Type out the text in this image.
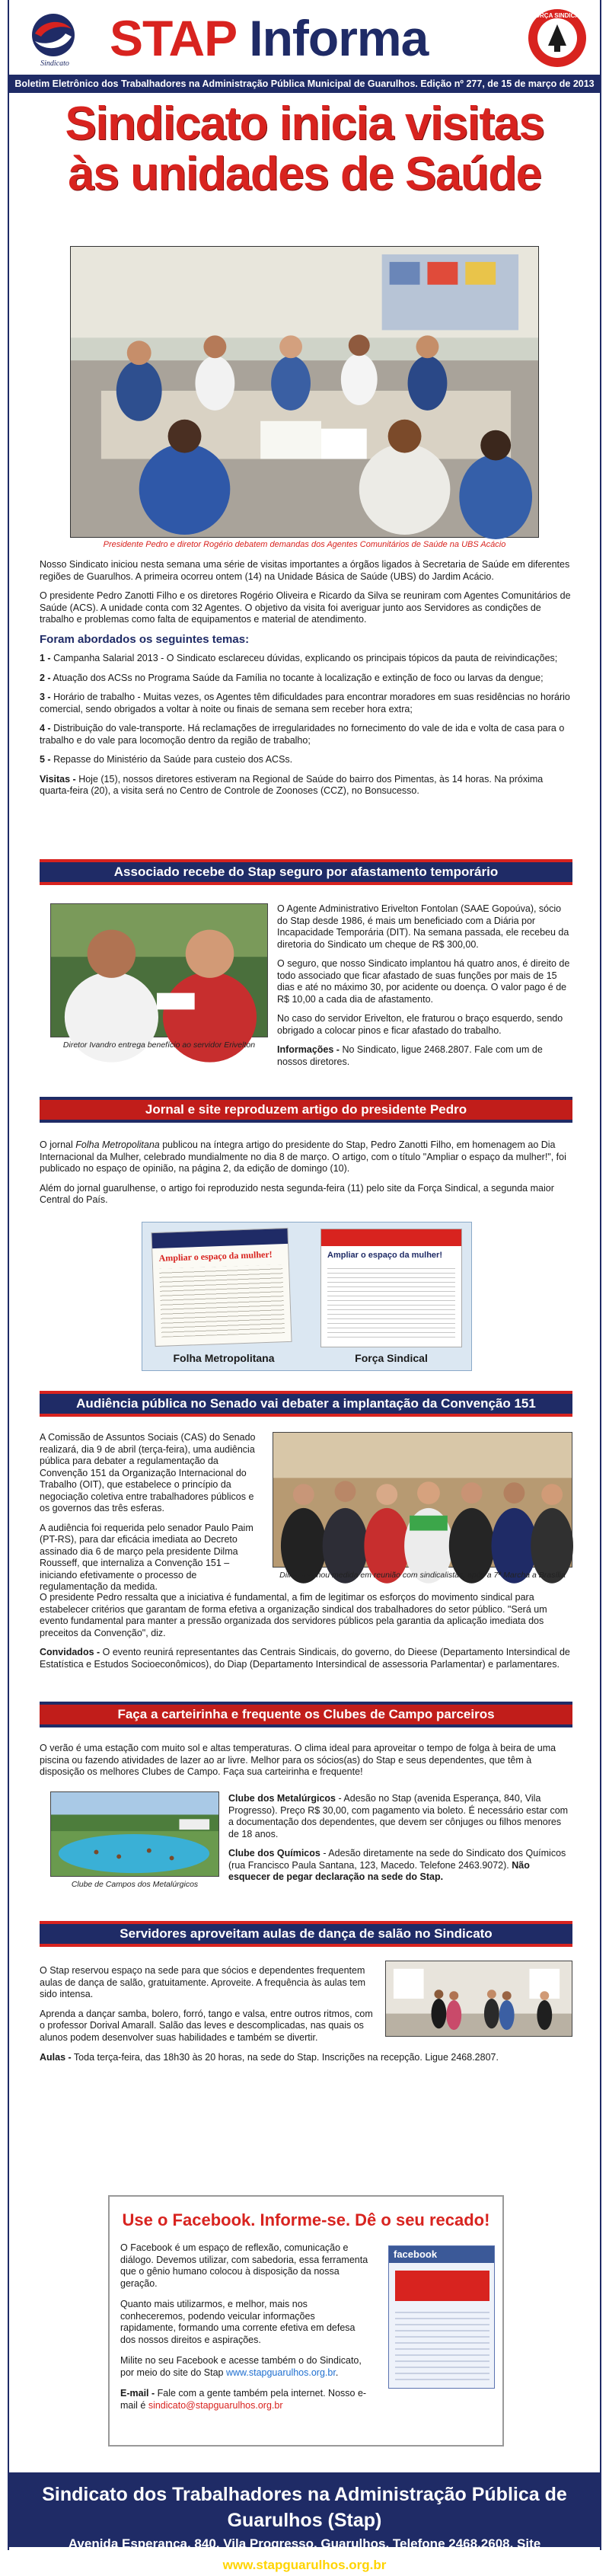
Sindicato STAP Informa	FORÇA SINDICAL
Boletim Eletrônico dos Trabalhadores na Administração Pública Municipal de Guarulhos. Edição nº 277, de 15 de março de 2013
Sindicato inicia visitas
às unidades de Saúde
Presidente Pedro e diretor Rogério debatem demandas dos Agentes Comunitários de Saúde na UBS Acácio

Nosso Sindicato iniciou nesta semana uma série de visitas importantes a órgãos ligados à Secretaria de Saúde em diferentes regiões de Guarulhos. A primeira ocorreu ontem (14) na Unidade Básica de Saúde (UBS) do Jardim Acácio.

O presidente Pedro Zanotti Filho e os diretores Rogério Oliveira e Ricardo da Silva se reuniram com Agentes Comunitários de Saúde (ACS). A unidade conta com 32 Agentes. O objetivo da visita foi averiguar junto aos Servidores as condições de trabalho e problemas como falta de equipamentos e material de atendimento.

Foram abordados os seguintes temas:

1 - Campanha Salarial 2013 - O Sindicato esclareceu dúvidas, explicando os principais tópicos da pauta de reivindicações;

2 - Atuação dos ACSs no Programa Saúde da Família no tocante à localização e extinção de foco ou larvas da dengue;

3 - Horário de trabalho - Muitas vezes, os Agentes têm dificuldades para encontrar moradores em suas residências no horário comercial, sendo obrigados a voltar à noite ou finais de semana sem receber hora extra;

4 - Distribuição do vale-transporte. Há reclamações de irregularidades no fornecimento do vale de ida e volta de casa para o trabalho e do vale para locomoção dentro da região de trabalho;

5 - Repasse do Ministério da Saúde para custeio dos ACSs.

Visitas - Hoje (15), nossos diretores estiveram na Regional de Saúde do bairro dos Pimentas, às 14 horas. Na próxima quarta-feira (20), a visita será no Centro de Controle de Zoonoses (CCZ), no Bonsucesso.

Associado recebe do Stap seguro por afastamento temporário
Diretor Ivandro entrega benefício ao servidor Erivelton

O Agente Administrativo Erivelton Fontolan (SAAE Gopoúva), sócio do Stap desde 1986, é mais um beneficiado com a Diária por Incapacidade Temporária (DIT). Na semana passada, ele recebeu da diretoria do Sindicato um cheque de R$ 300,00.

O seguro, que nosso Sindicato implantou há quatro anos, é direito de todo associado que ficar afastado de suas funções por mais de 15 dias e até no máximo 30, por acidente ou doença. O valor pago é de R$ 10,00 a cada dia de afastamento.

No caso do servidor Erivelton, ele fraturou o braço esquerdo, sendo obrigado a colocar pinos e ficar afastado do trabalho.

Informações - No Sindicato, ligue 2468.2807. Fale com um de nossos diretores.

Jornal e site reproduzem artigo do presidente Pedro

O jornal Folha Metropolitana publicou na íntegra artigo do presidente do Stap, Pedro Zanotti Filho, em homenagem ao Dia Internacional da Mulher, celebrado mundialmente no dia 8 de março. O artigo, com o título "Ampliar o espaço da mulher!", foi publicado no espaço de opinião, na página 2, da edição de domingo (10).

Além do jornal guarulhense, o artigo foi reproduzido nesta segunda-feira (11) pelo site da Força Sindical, a segunda maior Central do País.

Ampliar o espaço da mulher!	Ampliar o espaço da mulher!
Folha Metropolitana	Força Sindical
Audiência pública no Senado vai debater a implantação da Convenção 151

A Comissão de Assuntos Sociais (CAS) do Senado realizará, dia 9 de abril (terça-feira), uma audiência pública para debater a regulamentação da Convenção 151 da Organização Internacional do Trabalho (OIT), que estabelece o princípio da negociação coletiva entre trabalhadores públicos e os governos das três esferas.

A audiência foi requerida pelo senador Paulo Paim (PT-RS), para dar eficácia imediata ao Decreto assinado dia 6 de março pela presidente Dilma Rousseff, que internaliza a Convenção 151 – iniciando efetivamente o processo de regulamentação da medida.

Dilma assinou medida em reunião com sindicalistas, após a 7ª Marcha a Brasília

O presidente Pedro ressalta que a iniciativa é fundamental, a fim de legitimar os esforços do movimento sindical para estabelecer critérios que garantam de forma efetiva a organização sindical dos trabalhadores do setor público. "Será um evento fundamental para manter a pressão organizada dos servidores públicos pela garantia da aplicação imediata dos preceitos da Convenção", diz.

Convidados - O evento reunirá representantes das Centrais Sindicais, do governo, do Dieese (Departamento Intersindical de Estatística e Estudos Socioeconômicos), do Diap (Departamento Intersindical de assessoria Parlamentar) e parlamentares.

Faça a carteirinha e frequente os Clubes de Campo parceiros
O verão é uma estação com muito sol e altas temperaturas. O clima ideal para aproveitar o tempo de folga à beira de uma piscina ou fazendo atividades de lazer ao ar livre. Melhor para os sócios(as) do Stap e seus dependentes, que têm à disposição os melhores Clubes de Campo. Faça sua carteirinha e frequente!
Clube de Campos dos Metalúrgicos

Clube dos Metalúrgicos - Adesão no Stap (avenida Esperança, 840, Vila Progresso). Preço R$ 30,00, com pagamento via boleto. É necessário estar com a documentação dos dependentes, que devem ser cônjuges ou filhos menores de 18 anos.

Clube dos Químicos - Adesão diretamente na sede do Sindicato dos Químicos (rua Francisco Paula Santana, 123, Macedo. Telefone 2463.9072). Não esquecer de pegar declaração na sede do Stap.

Servidores aproveitam aulas de dança de salão no Sindicato

O Stap reservou espaço na sede para que sócios e dependentes frequentem aulas de dança de salão, gratuitamente. Aproveite. A frequência às aulas tem sido intensa.

Aprenda a dançar samba, bolero, forró, tango e valsa, entre outros ritmos, com o professor Dorival Amarall. Salão das leves e descomplicadas, nas quais os alunos podem desenvolver suas habilidades e também se divertir.

Aulas - Toda terça-feira, das 18h30 às 20 horas, na sede do Stap. Inscrições na recepção. Ligue 2468.2807.

Use o Facebook. Informe-se. Dê o seu recado!

O Facebook é um espaço de reflexão, comunicação e diálogo. Devemos utilizar, com sabedoria, essa ferramenta que o gênio humano colocou à disposição da nossa geração.

Quanto mais utilizarmos, e melhor, mais nos conheceremos, podendo veicular informações rapidamente, formando uma corrente efetiva em defesa dos nossos direitos e aspirações.

Milite no seu Facebook e acesse também o do Sindicato, por meio do site do Stap www.stapguarulhos.org.br.

E-mail - Fale com a gente também pela internet. Nosso e-mail é sindicato@stapguarulhos.org.br

facebook
Sindicato dos Trabalhadores na Administração Pública de Guarulhos (Stap)
Avenida Esperança, 840, Vila Progresso, Guarulhos. Telefone 2468.2608. Site www.stapguarulhos.org.br
